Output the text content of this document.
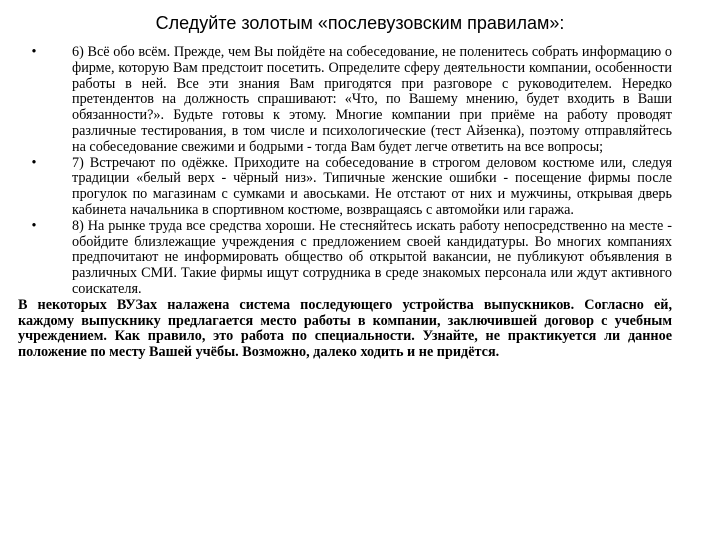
Следуйте золотым «послевузовским правилам»:
•	6) Всё обо всём. Прежде, чем Вы пойдёте на собеседование, не поленитесь собрать информацию о фирме, которую Вам предстоит посетить. Определите сферу деятельности компании, особенности работы в ней. Все эти знания Вам пригодятся при разговоре с руководителем. Нередко претендентов на должность спрашивают: «Что, по Вашему мнению, будет входить в Ваши обязанности?». Будьте готовы к этому. Многие компании при приёме на работу проводят различные тестирования, в том числе и психологические (тест Айзенка), поэтому отправляйтесь на собеседование свежими и бодрыми - тогда Вам будет легче ответить на все вопросы;
•	7) Встречают по одёжке. Приходите на собеседование в строгом деловом костюме или, следуя традиции «белый верх - чёрный низ». Типичные женские ошибки - посещение фирмы после прогулок по магазинам с сумками и авоськами. Не отстают от них и мужчины, открывая дверь кабинета начальника в спортивном костюме, возвращаясь с автомойки или гаража.
•	8) На рынке труда все средства хороши. Не стесняйтесь искать работу непосредственно на месте - обойдите близлежащие учреждения с предложением своей кандидатуры. Во многих компаниях предпочитают не информировать общество об открытой вакансии, не публикуют объявления в различных СМИ. Такие фирмы ищут сотрудника в среде знакомых персонала или ждут активного соискателя.

В некоторых ВУЗах налажена система последующего устройства выпускников. Согласно ей, каждому выпускнику предлагается место работы в компании, заключившей договор с учебным учреждением. Как правило, это работа по специальности. Узнайте, не практикуется ли данное положение по месту Вашей учёбы. Возможно, далеко ходить и не придётся.
